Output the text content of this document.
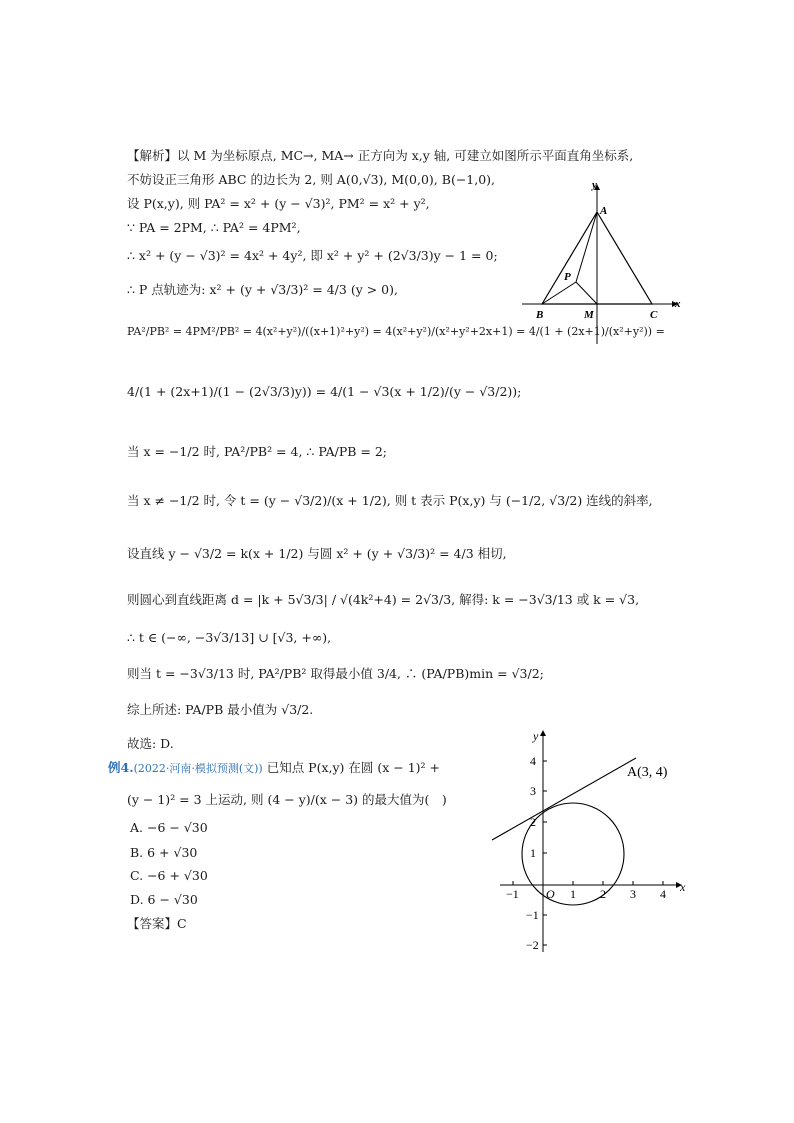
【解析】以 M 为坐标原点, MC→, MA→ 正方向为 x,y 轴, 可建立如图所示平面直角坐标系,
不妨设正三角形 ABC 的边长为 2, 则 A(0,√3), M(0,0), B(−1,0),
设 P(x,y), 则 PA² = x² + (y − √3)², PM² = x² + y²,
∵ PA = 2PM, ∴ PA² = 4PM²,
∴ x² + (y − √3)² = 4x² + 4y², 即 x² + y² + (2√3/3)y − 1 = 0;
∴ P 点轨迹为: x² + (y + √3/3)² = 4/3 (y > 0),
PA²/PB² = 4PM²/PB² = 4(x²+y²)/((x+1)²+y²) = 4(x²+y²)/(x²+y²+2x+1) = 4/(1 + (2x+1)/(x²+y²)) =
4/(1 + (2x+1)/(1 − (2√3/3)y)) = 4/(1 − √3(x + 1/2)/(y − √3/2));
当 x = −1/2 时, PA²/PB² = 4, ∴ PA/PB = 2;
当 x ≠ −1/2 时, 令 t = (y − √3/2)/(x + 1/2), 则 t 表示 P(x,y) 与 (−1/2, √3/2) 连线的斜率,
设直线 y − √3/2 = k(x + 1/2) 与圆 x² + (y + √3/3)² = 4/3 相切,
则圆心到直线距离 d = |k + 5√3/3| / √(4k²+4) = 2√3/3, 解得: k = −3√3/13 或 k = √3,
∴ t ∈ (−∞, −3√3/13] ∪ [√3, +∞),
则当 t = −3√3/13 时, PA²/PB² 取得最小值 3/4, ∴ (PA/PB)min = √3/2;
综上所述: PA/PB 最小值为 √3/2.
故选: D.
A
B	C
M
P
x
y
例4.(2022·河南·模拟预测(文)) 已知点 P(x,y) 在圆 (x − 1)² +
(y − 1)² = 3 上运动, 则 (4 − y)/(x − 3) 的最大值为(　)
A. −6 − √30
B. 6 + √30
C. −6 + √30
D. 6 − √30
【答案】C
−1	1 2 3 4
4
3
2
1
−1
−2
O	x
y
A(3, 4)
